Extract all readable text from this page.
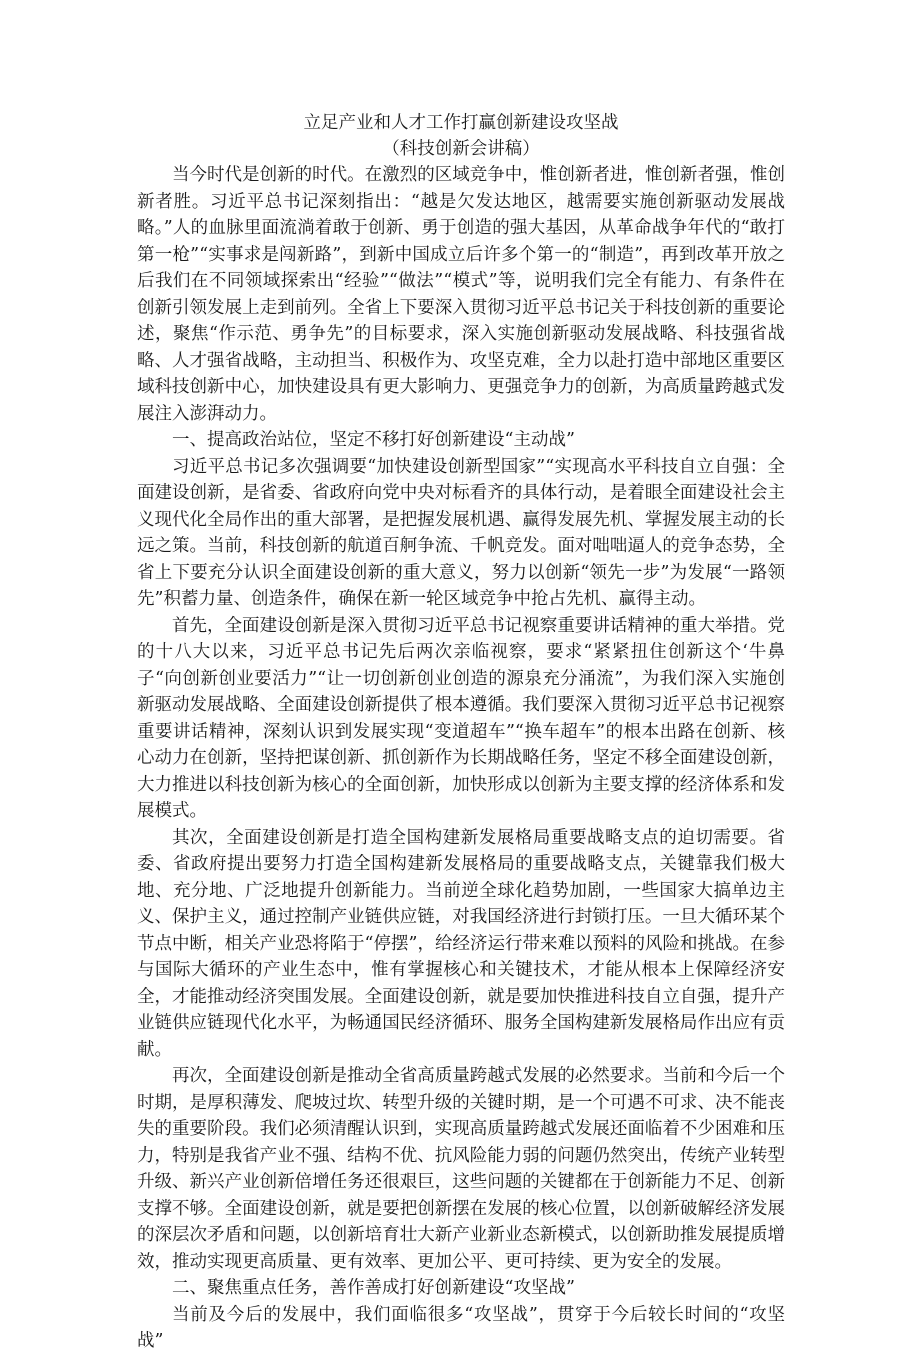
立足产业和人才工作打赢创新建设攻坚战
（科技创新会讲稿）

当今时代是创新的时代。在激烈的区域竞争中，惟创新者进，惟创新者强，惟创新者胜。习近平总书记深刻指出：“越是欠发达地区，越需要实施创新驱动发展战略。”人的血脉里面流淌着敢于创新、勇于创造的强大基因，从革命战争年代的“敢打第一枪”“实事求是闯新路”，到新中国成立后许多个第一的“制造”，再到改革开放之后我们在不同领域探索出“经验”“做法”“模式”等，说明我们完全有能力、有条件在创新引领发展上走到前列。全省上下要深入贯彻习近平总书记关于科技创新的重要论述，聚焦“作示范、勇争先”的目标要求，深入实施创新驱动发展战略、科技强省战略、人才强省战略，主动担当、积极作为、攻坚克难，全力以赴打造中部地区重要区域科技创新中心，加快建设具有更大影响力、更强竞争力的创新，为高质量跨越式发展注入澎湃动力。

一、提高政治站位，坚定不移打好创新建设“主动战”

习近平总书记多次强调要“加快建设创新型国家”“实现高水平科技自立自强：全面建设创新，是省委、省政府向党中央对标看齐的具体行动，是着眼全面建设社会主义现代化全局作出的重大部署，是把握发展机遇、赢得发展先机、掌握发展主动的长远之策。当前，科技创新的航道百舸争流、千帆竞发。面对咄咄逼人的竞争态势，全省上下要充分认识全面建设创新的重大意义，努力以创新“领先一步”为发展“一路领先”积蓄力量、创造条件，确保在新一轮区域竞争中抢占先机、赢得主动。

首先，全面建设创新是深入贯彻习近平总书记视察重要讲话精神的重大举措。党的十八大以来，习近平总书记先后两次亲临视察，要求“紧紧扭住创新这个‘牛鼻子“向创新创业要活力”“让一切创新创业创造的源泉充分涌流”，为我们深入实施创新驱动发展战略、全面建设创新提供了根本遵循。我们要深入贯彻习近平总书记视察重要讲话精神，深刻认识到发展实现“变道超车”“换车超车”的根本出路在创新、核心动力在创新，坚持把谋创新、抓创新作为长期战略任务，坚定不移全面建设创新，大力推进以科技创新为核心的全面创新，加快形成以创新为主要支撑的经济体系和发展模式。

其次，全面建设创新是打造全国构建新发展格局重要战略支点的迫切需要。省委、省政府提出要努力打造全国构建新发展格局的重要战略支点，关键靠我们极大地、充分地、广泛地提升创新能力。当前逆全球化趋势加剧，一些国家大搞单边主义、保护主义，通过控制产业链供应链，对我国经济进行封锁打压。一旦大循环某个节点中断，相关产业恐将陷于“停摆”，给经济运行带来难以预料的风险和挑战。在参与国际大循环的产业生态中，惟有掌握核心和关键技术，才能从根本上保障经济安全，才能推动经济突围发展。全面建设创新，就是要加快推进科技自立自强，提升产业链供应链现代化水平，为畅通国民经济循环、服务全国构建新发展格局作出应有贡献。

再次，全面建设创新是推动全省高质量跨越式发展的必然要求。当前和今后一个时期，是厚积薄发、爬坡过坎、转型升级的关键时期，是一个可遇不可求、决不能丧失的重要阶段。我们必须清醒认识到，实现高质量跨越式发展还面临着不少困难和压力，特别是我省产业不强、结构不优、抗风险能力弱的问题仍然突出，传统产业转型升级、新兴产业创新倍增任务还很艰巨，这些问题的关键都在于创新能力不足、创新支撑不够。全面建设创新，就是要把创新摆在发展的核心位置，以创新破解经济发展的深层次矛盾和问题，以创新培育壮大新产业新业态新模式，以创新助推发展提质增效，推动实现更高质量、更有效率、更加公平、更可持续、更为安全的发展。

二、聚焦重点任务，善作善成打好创新建设“攻坚战”

当前及今后的发展中，我们面临很多“攻坚战”，贯穿于今后较长时间的“攻坚战”
